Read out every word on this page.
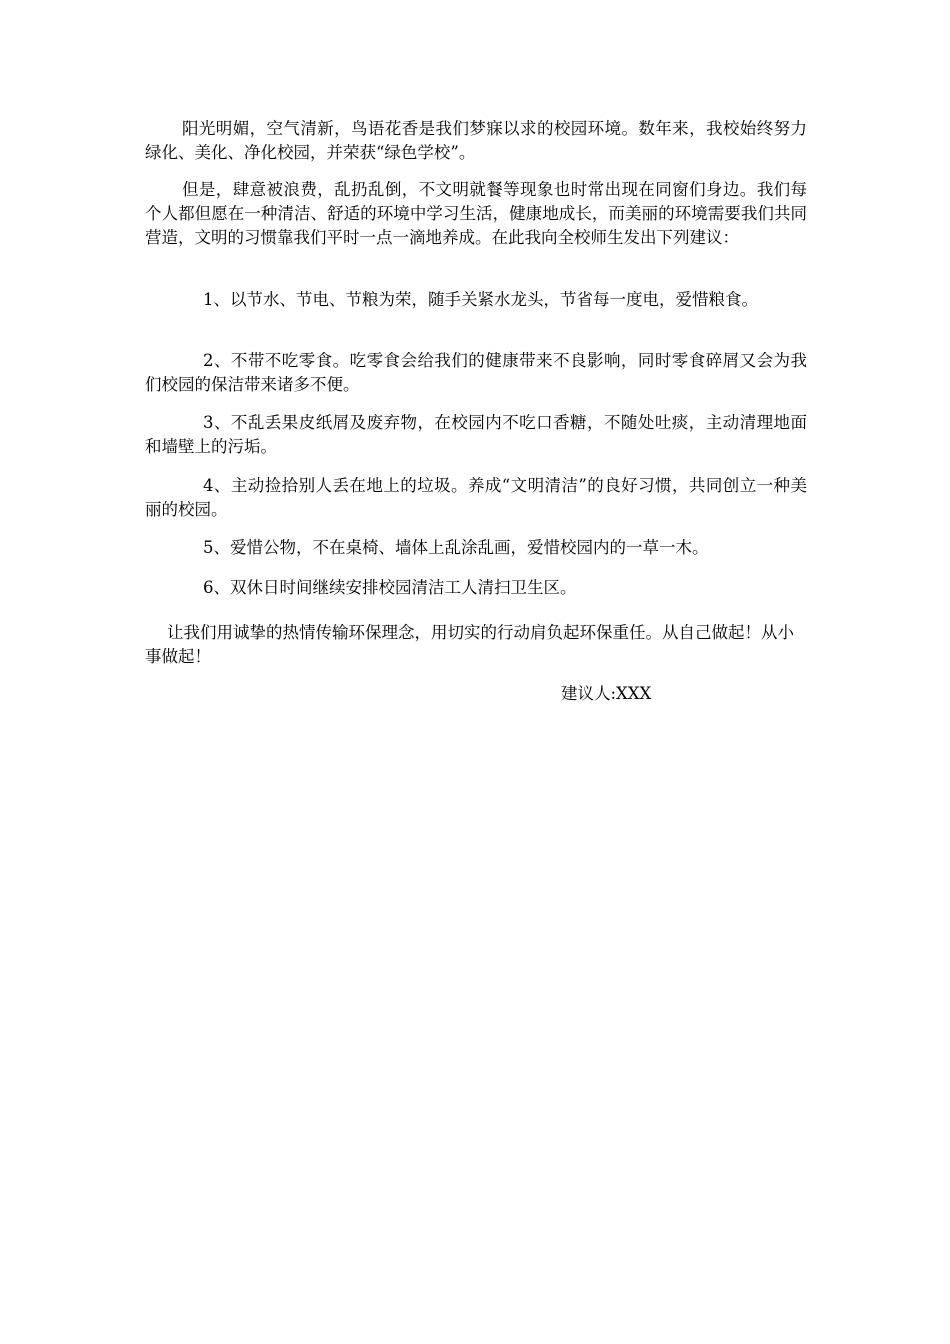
阳光明媚，空气清新，鸟语花香是我们梦寐以求的校园环境。数年来，我校始终努力绿化、美化、净化校园，并荣获“绿色学校”。

但是，肆意被浪费，乱扔乱倒，不文明就餐等现象也时常出现在同窗们身边。我们每个人都但愿在一种清洁、舒适的环境中学习生活，健康地成长，而美丽的环境需要我们共同营造，文明的习惯靠我们平时一点一滴地养成。在此我向全校师生发出下列建议：

1、以节水、节电、节粮为荣，随手关紧水龙头，节省每一度电，爱惜粮食。

2、不带不吃零食。吃零食会给我们的健康带来不良影响，同时零食碎屑又会为我们校园的保洁带来诸多不便。

3、不乱丢果皮纸屑及废弃物，在校园内不吃口香糖，不随处吐痰，主动清理地面和墙壁上的污垢。

4、主动捡拾别人丢在地上的垃圾。养成“文明清洁”的良好习惯，共同创立一种美丽的校园。

5、爱惜公物，不在桌椅、墙体上乱涂乱画，爱惜校园内的一草一木。

6、双休日时间继续安排校园清洁工人清扫卫生区。

让我们用诚挚的热情传输环保理念，用切实的行动肩负起环保重任。从自己做起！从小事做起！

建议人:XXX
